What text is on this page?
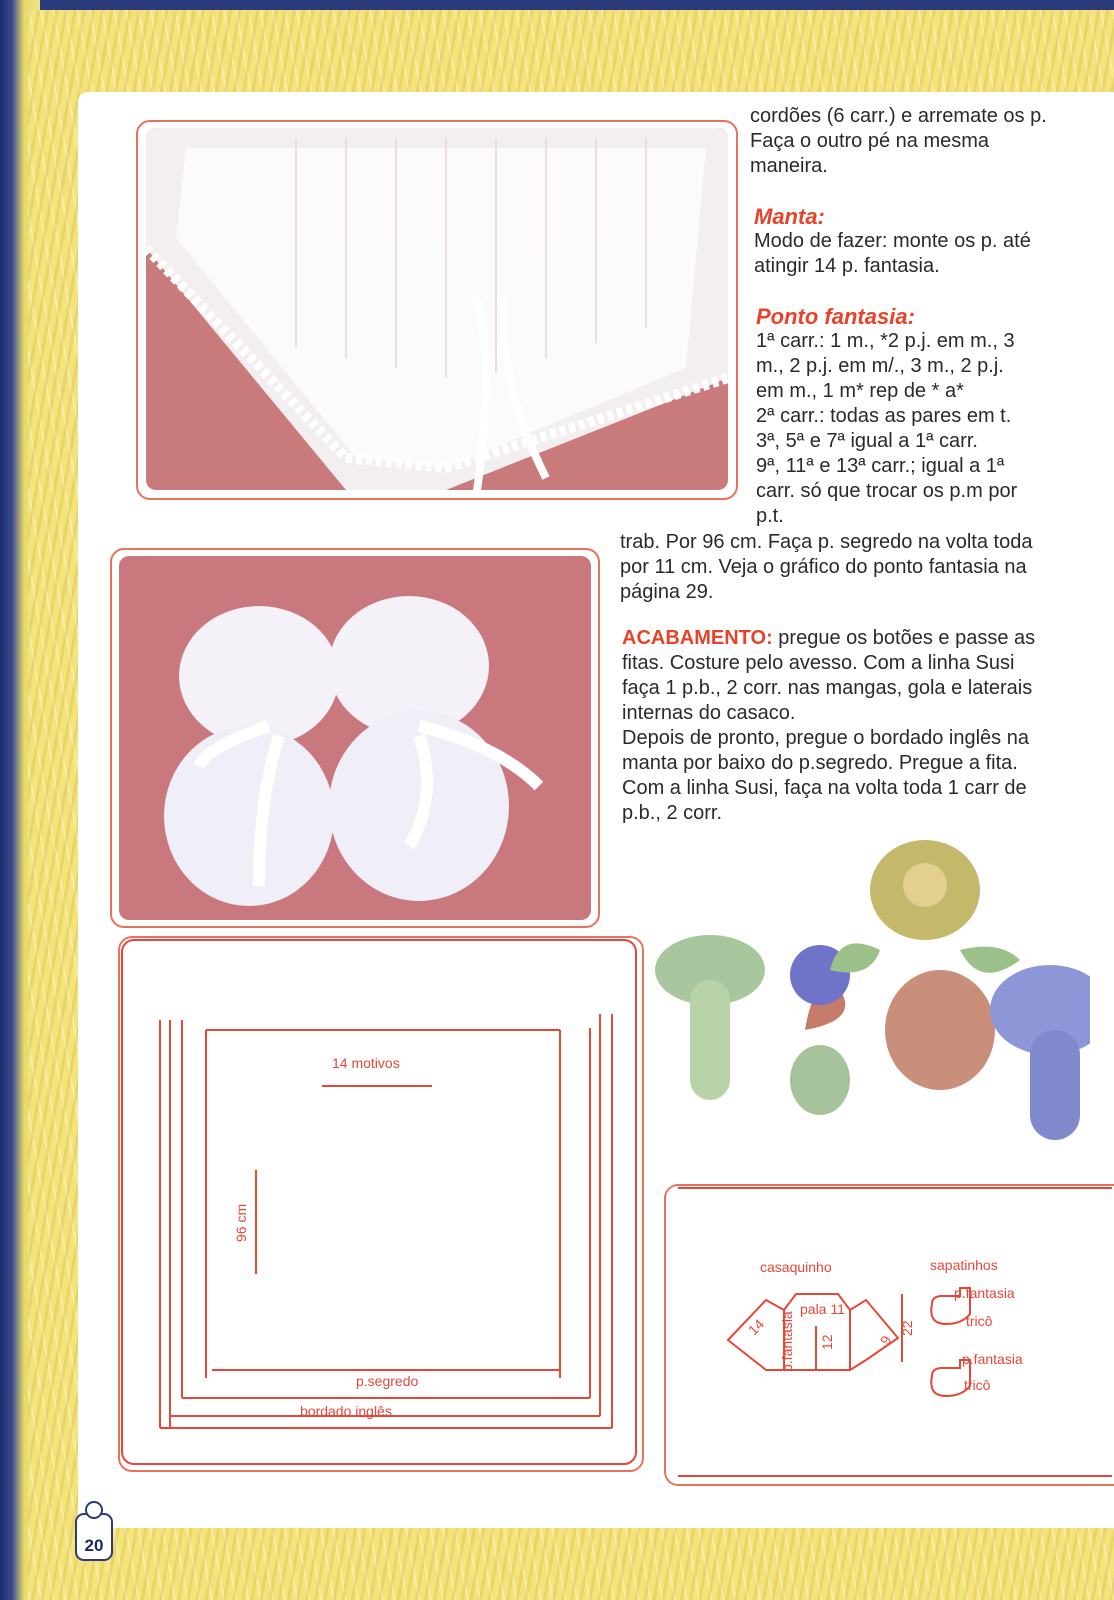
cordões (6 carr.) e arremate os p.
Faça o outro pé na mesma
maneira.
Manta:
Modo de fazer: monte os p. até
atingir 14 p. fantasia.
Ponto fantasia:
1ª carr.: 1 m., *2 p.j. em m., 3
m., 2 p.j. em m/., 3 m., 2 p.j.
em m., 1 m* rep de * a*
2ª carr.: todas as pares em t.
3ª, 5ª e 7ª igual a 1ª carr.
9ª, 11ª e 13ª carr.; igual a 1ª
carr. só que trocar os p.m por
p.t.
trab. Por 96 cm. Faça p. segredo na volta toda
por 11 cm. Veja o gráfico do ponto fantasia na
página 29.
ACABAMENTO: pregue os botões e passe as
fitas. Costure pelo avesso. Com a linha Susi
faça 1 p.b., 2 corr. nas mangas, gola e laterais
internas do casaco.
Depois de pronto, pregue o bordado inglês na
manta por baixo do p.segredo. Pregue a fita.
Com a linha Susi, faça na volta toda 1 carr de
p.b., 2 corr.
14 motivos
96 cm
p.segredo
bordado inglês
casaquinho	sapatinhos
14 p.fantasia
pala 11
12	9
22
p.fantasia
tricô
p.fantasia
tricô
20
